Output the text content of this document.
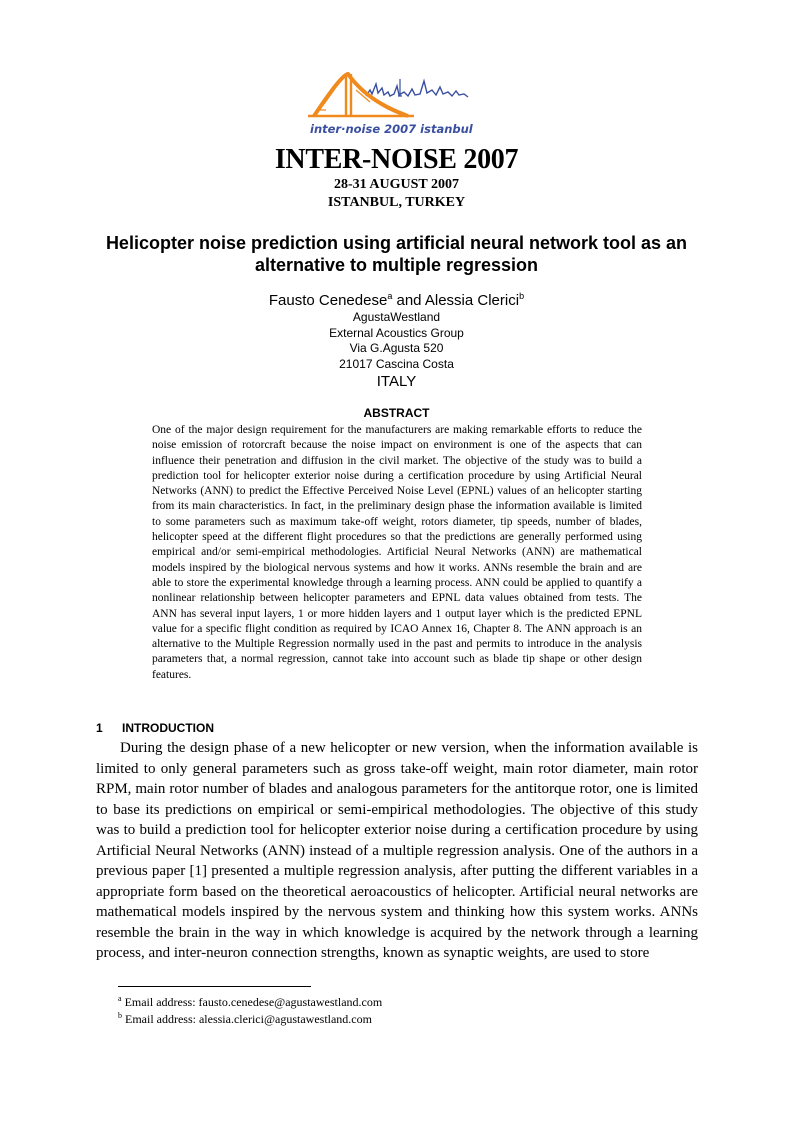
inter·noise 2007 istanbul
INTER-NOISE 2007
28-31 AUGUST 2007
ISTANBUL, TURKEY
Helicopter noise prediction using artificial neural network tool as an alternative to multiple regression
Fausto Cenedese$^a$ and Alessia Clerici$^b$
AgustaWestland
External Acoustics Group
Via G.Agusta 520
21017 Cascina Costa
ITALY
ABSTRACT

One of the major design requirement for the manufacturers are making remarkable efforts to reduce the noise emission of rotorcraft because the noise impact on environment is one of the aspects that can influence their penetration and diffusion in the civil market. The objective of the study was to build a prediction tool for helicopter exterior noise during a certification procedure by using Artificial Neural Networks (ANN) to predict the Effective Perceived Noise Level (EPNL) values of an helicopter starting from its main characteristics. In fact, in the preliminary design phase the information available is limited to some parameters such as maximum take-off weight, rotors diameter, tip speeds, number of blades, helicopter speed at the different flight procedures so that the predictions are generally performed using empirical and/or semi-empirical methodologies. Artificial Neural Networks (ANN) are mathematical models inspired by the biological nervous systems and how it works. ANNs resemble the brain and are able to store the experimental knowledge through a learning process. ANN could be applied to quantify a nonlinear relationship between helicopter parameters and EPNL data values obtained from tests. The ANN has several input layers, 1 or more hidden layers and 1 output layer which is the predicted EPNL value for a specific flight condition as required by ICAO Annex 16, Chapter 8. The ANN approach is an alternative to the Multiple Regression normally used in the past and permits to introduce in the analysis parameters that, a normal regression, cannot take into account such as blade tip shape or other design features.

1 INTRODUCTION

During the design phase of a new helicopter or new version, when the information available is limited to only general parameters such as gross take-off weight, main rotor diameter, main rotor RPM, main rotor number of blades and analogous parameters for the antitorque rotor, one is limited to base its predictions on empirical or semi-empirical methodologies. The objective of this study was to build a prediction tool for helicopter exterior noise during a certification procedure by using Artificial Neural Networks (ANN) instead of a multiple regression analysis. One of the authors in a previous paper [1] presented a multiple regression analysis, after putting the different variables in a appropriate form based on the theoretical aeroacoustics of helicopter. Artificial neural networks are mathematical models inspired by the nervous system and thinking how this system works. ANNs resemble the brain in the way in which knowledge is acquired by the network through a learning process, and inter-neuron connection strengths, known as synaptic weights, are used to store

$^a$ Email address: fausto.cenedese@agustawestland.com
$^b$ Email address: alessia.clerici@agustawestland.com
